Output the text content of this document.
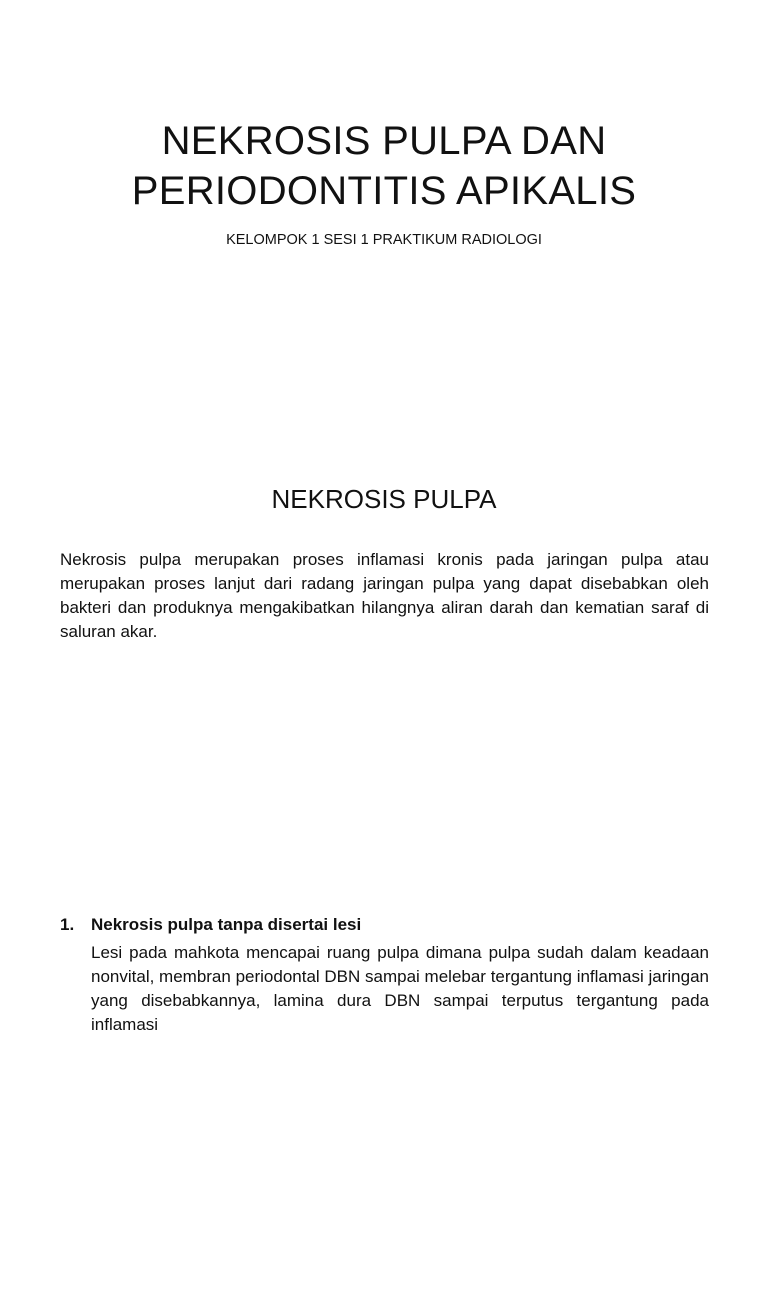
NEKROSIS PULPA DAN
PERIODONTITIS APIKALIS

KELOMPOK 1 SESI 1 PRAKTIKUM RADIOLOGI

NEKROSIS PULPA

Nekrosis pulpa merupakan proses inflamasi kronis pada jaringan pulpa atau merupakan proses lanjut dari radang jaringan pulpa yang dapat disebabkan oleh bakteri dan produknya mengakibatkan hilangnya aliran darah dan kematian saraf di saluran akar.

1. Nekrosis pulpa tanpa disertai lesi
Lesi pada mahkota mencapai ruang pulpa dimana pulpa sudah dalam keadaan nonvital, membran periodontal DBN sampai melebar tergantung inflamasi jaringan yang disebabkannya, lamina dura DBN sampai terputus tergantung pada inflamasi
